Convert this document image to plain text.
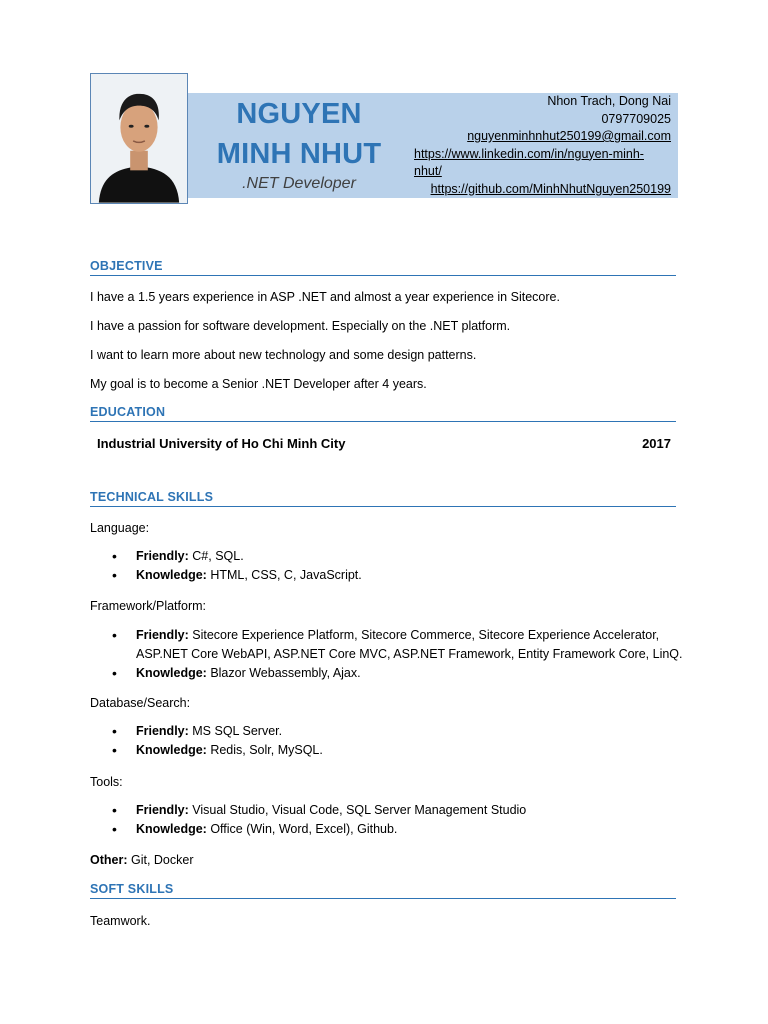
NGUYEN
MINH NHUT
.NET Developer
Nhon Trach, Dong Nai
0797709025
nguyenminhnhut250199@gmail.com
https://www.linkedin.com/in/nguyen-minh-nhut/
https://github.com/MinhNhutNguyen250199
OBJECTIVE
I have a 1.5 years experience in ASP .NET and almost a year experience in Sitecore.
I have a passion for software development. Especially on the .NET platform.
I want to learn more about new technology and some design patterns.
My goal is to become a Senior .NET Developer after 4 years.
EDUCATION
Industrial University of Ho Chi Minh City	2017
TECHNICAL SKILLS
Language:
• Friendly: C#, SQL.
• Knowledge: HTML, CSS, C, JavaScript.
Framework/Platform:
• Friendly: Sitecore Experience Platform, Sitecore Commerce, Sitecore Experience Accelerator,
ASP.NET Core WebAPI, ASP.NET Core MVC, ASP.NET Framework, Entity Framework Core, LinQ.
• Knowledge: Blazor Webassembly, Ajax.
Database/Search:
• Friendly: MS SQL Server.
• Knowledge: Redis, Solr, MySQL.
Tools:
• Friendly: Visual Studio, Visual Code, SQL Server Management Studio
• Knowledge: Office (Win, Word, Excel), Github.
Other: Git, Docker
SOFT SKILLS
Teamwork.
